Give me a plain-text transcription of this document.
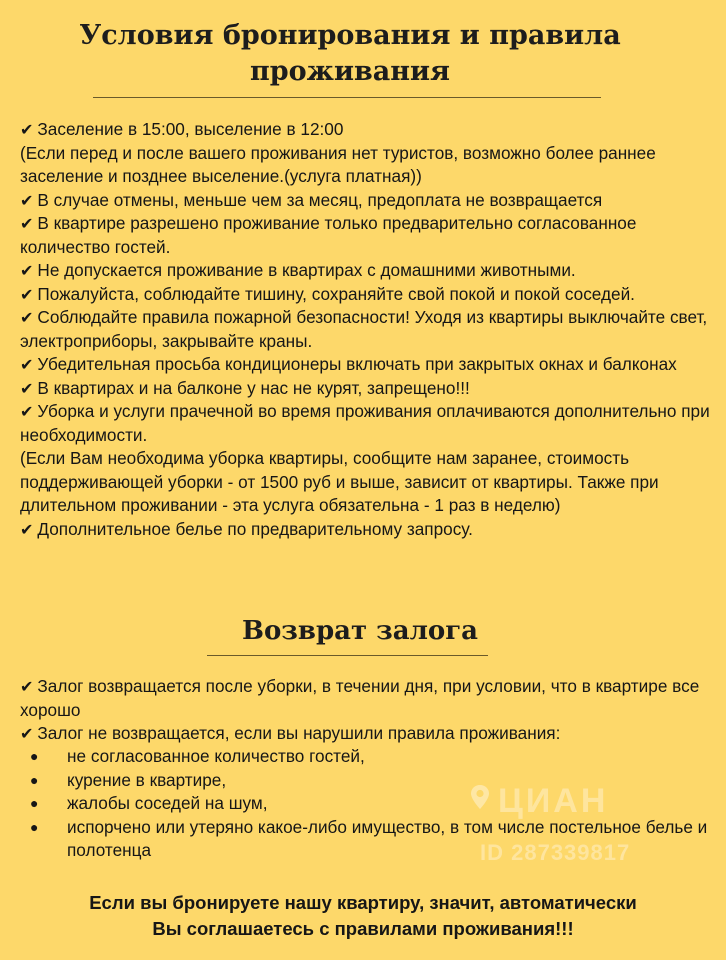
Условия бронирования и правила проживания
✔ Заселение в 15:00, выселение в 12:00
(Если перед и после вашего проживания нет туристов, возможно более раннее заселение и позднее выселение.(услуга платная))
✔ В случае отмены, меньше чем за месяц, предоплата не возвращается
✔ В квартире разрешено проживание только предварительно согласованное количество гостей.
✔ Не допускается проживание в квартирах с домашними животными.
✔ Пожалуйста, соблюдайте тишину, сохраняйте свой покой и покой соседей.
✔ Соблюдайте правила пожарной безопасности! Уходя из квартиры выключайте свет, электроприборы, закрывайте краны.
✔ Убедительная просьба кондиционеры включать при закрытых окнах и балконах
✔ В квартирах и на балконе у нас не курят, запрещено!!!
✔ Уборка и услуги прачечной во время проживания оплачиваются дополнительно при необходимости.
(Если Вам необходима уборка квартиры, сообщите нам заранее, стоимость поддерживающей уборки - от 1500 руб и выше, зависит от квартиры. Также при длительном проживании - эта услуга обязательна - 1 раз в неделю)
✔ Дополнительное белье по предварительному запросу.
Возврат залога
✔ Залог возвращается после уборки, в течении дня, при условии, что в квартире все хорошо
✔ Залог не возвращается, если вы нарушили правила проживания:
● не согласованное количество гостей,
● курение в квартире,
● жалобы соседей на шум,
● испорчено или утеряно какое-либо имущество, в том числе постельное белье и полотенца
ЦИАН
ID 287339817
Если вы бронируете нашу квартиру, значит, автоматически
Вы соглашаетесь с правилами проживания!!!
